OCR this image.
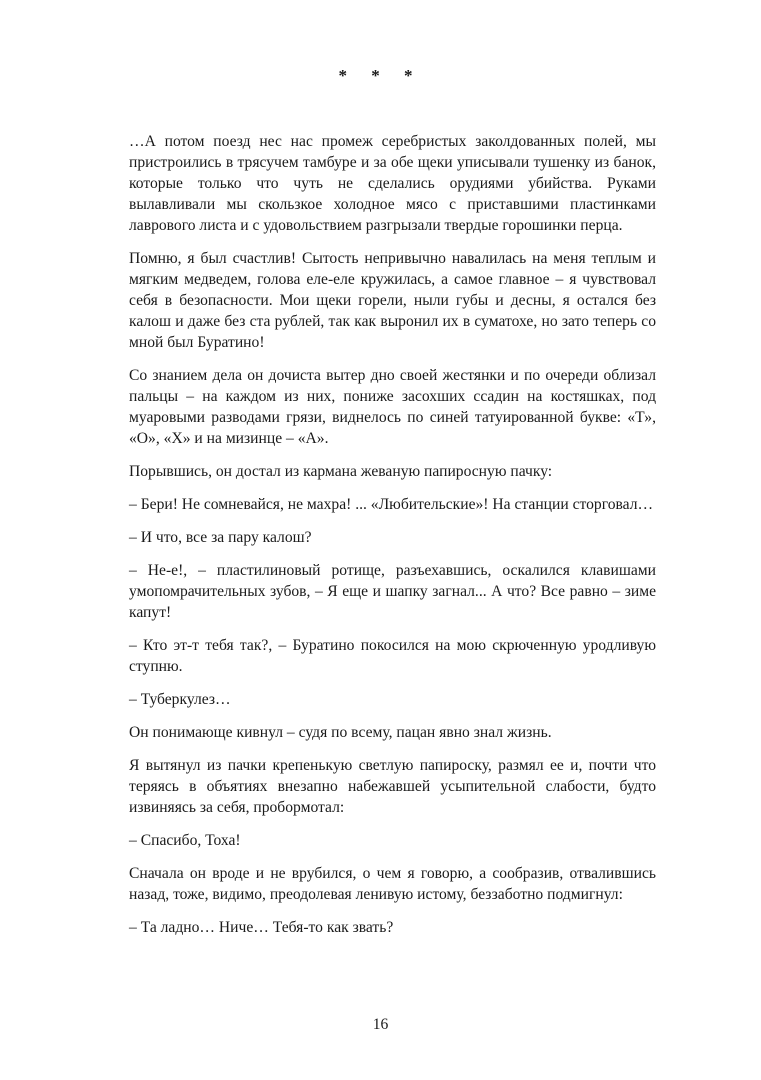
* * *

…А потом поезд нес нас промеж серебристых заколдованных полей, мы пристроились в трясучем тамбуре и за обе щеки уписывали тушенку из банок, которые только что чуть не сделались орудиями убийства. Руками вылавливали мы скользкое холодное мясо с приставшими пластинками лаврового листа и с удовольствием разгрызали твердые горошинки перца.

Помню, я был счастлив! Сытость непривычно навалилась на меня теплым и мягким медведем, голова еле-еле кружилась, а самое главное – я чувствовал себя в безопасности. Мои щеки горели, ныли губы и десны, я остался без калош и даже без ста рублей, так как выронил их в суматохе, но зато теперь со мной был Буратино!

Со знанием дела он дочиста вытер дно своей жестянки и по очереди облизал пальцы – на каждом из них, пониже засохших ссадин на костяшках, под муаровыми разводами грязи, виднелось по синей татуированной букве: «Т», «О», «Х» и на мизинце – «А».

Порывшись, он достал из кармана жеваную папиросную пачку:

– Бери! Не сомневайся, не махра! ... «Любительские»! На станции сторговал…

– И что, все за пару калош?

– Не-е!, – пластилиновый ротище, разъехавшись, оскалился клавишами умопомрачительных зубов, – Я еще и шапку загнал... А что? Все равно – зиме капут!

– Кто эт-т тебя так?, – Буратино покосился на мою скрюченную уродливую ступню.

– Туберкулез…

Он понимающе кивнул – судя по всему, пацан явно знал жизнь.

Я вытянул из пачки крепенькую светлую папироску, размял ее и, почти что теряясь в объятиях внезапно набежавшей усыпительной слабости, будто извиняясь за себя, пробормотал:

– Спасибо, Тоха!

Сначала он вроде и не врубился, о чем я говорю, а сообразив, отвалившись назад, тоже, видимо, преодолевая ленивую истому, беззаботно подмигнул:

– Та ладно… Ниче… Тебя-то как звать?

16
